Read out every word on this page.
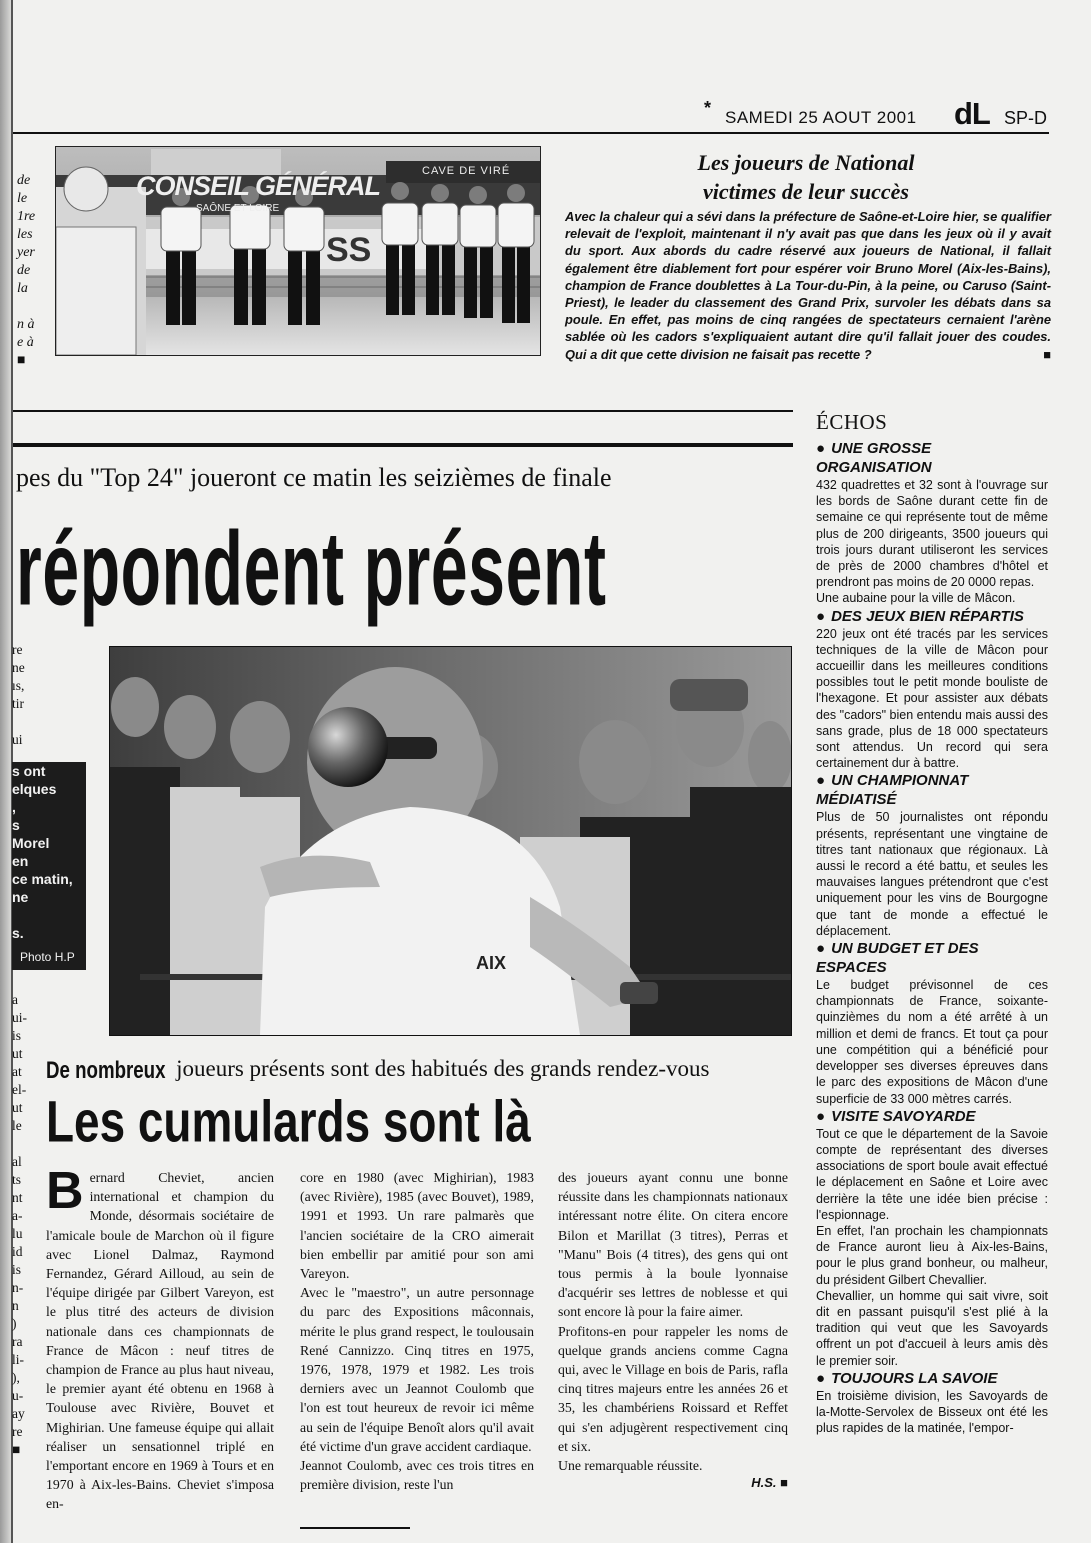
* SAMEDI 25 AOUT 2001 dL SP-D
de
le
1re
les
yer
de
la
n à
e à
■
CONSEIL GÉNÉRAL
SAÔNE ET LOIRE
CAVE DE VIRÉ
SS
Les joueurs de National
victimes de leur succès
Avec la chaleur qui a sévi dans la préfecture de Saône-et-Loire hier, se qualifier relevait de l'exploit, maintenant il n'y avait pas que dans les jeux où il y avait du sport. Aux abords du cadre réservé aux joueurs de National, il fallait également être diablement fort pour espérer voir Bruno Morel (Aix-les-Bains), champion de France doublettes à La Tour-du-Pin, à la peine, ou Caruso (Saint-Priest), le leader du classement des Grand Prix, survoler les débats dans sa poule. En effet, pas moins de cinq rangées de spectateurs cernaient l'arène sablée où les cadors s'expliquaient autant dire qu'il fallait jouer des coudes. Qui a dit que cette division ne faisait pas recette ?	■
pes du "Top 24" joueront ce matin les seizièmes de finale
répondent présent
re
ne
ıs,
tir
ui
s ont
elques
,
s
Morel
en
ce matin,
ne
s.
Photo H.P	AIX
a
ui-
is
ut
at
el-
ut
le
al
ts
nt
a-
lu
id
is
n-
n
)
ra
li-
),
u-
ay
re
■
De nombreux joueurs présents sont des habitués des grands rendez-vous
Les cumulards sont là
B ernard Cheviet, ancien international et champion du Monde, désormais sociétaire de l'amicale boule de Marchon où il figure avec Lionel Dalmaz, Raymond Fernandez, Gérard Ailloud, au sein de l'équipe dirigée par Gilbert Vareyon, est le plus titré des acteurs de division nationale dans ces championnats de France de Mâcon : neuf titres de champion de France au plus haut niveau, le premier ayant été obtenu en 1968 à Toulouse avec Rivière, Bouvet et Mighirian. Une fameuse équipe qui allait réaliser un sensationnel triplé en l'emportant encore en 1969 à Tours et en 1970 à Aix-les-Bains. Cheviet s'imposa en-
core en 1980 (avec Mighirian), 1983 (avec Rivière), 1985 (avec Bouvet), 1989, 1991 et 1993. Un rare palmarès que l'ancien sociétaire de la CRO aimerait bien embellir par amitié pour son ami Vareyon.
Avec le "maestro", un autre personnage du parc des Expositions mâconnais, mérite le plus grand respect, le toulousain René Cannizzo. Cinq titres en 1975, 1976, 1978, 1979 et 1982. Les trois derniers avec un Jeannot Coulomb que l'on est tout heureux de revoir ici même au sein de l'équipe Benoît alors qu'il avait été victime d'un grave accident cardiaque.
Jeannot Coulomb, avec ces trois titres en première division, reste l'un
des joueurs ayant connu une bonne réussite dans les championnats nationaux intéressant notre élite. On citera encore Bilon et Marillat (3 titres), Perras et "Manu" Bois (4 titres), des gens qui ont tous permis à la boule lyonnaise d'acquérir ses lettres de noblesse et qui sont encore là pour la faire aimer.
Profitons-en pour rappeler les noms de quelque grands anciens comme Cagna qui, avec le Village en bois de Paris, rafla cinq titres majeurs entre les années 26 et 35, les chambériens Roissard et Reffet qui s'en adjugèrent respectivement cinq et six.
Une remarquable réussite.
H.S. ■
ÉCHOS
● UNE GROSSE ORGANISATION

432 quadrettes et 32 sont à l'ouvrage sur les bords de Saône durant cette fin de semaine ce qui représente tout de même plus de 200 dirigeants, 3500 joueurs qui trois jours durant utiliseront les services de près de 2000 chambres d'hôtel et prendront pas moins de 20 0000 repas.

Une aubaine pour la ville de Mâcon.

● DES JEUX BIEN RÉPARTIS

220 jeux ont été tracés par les services techniques de la ville de Mâcon pour accueillir dans les meilleures conditions possibles tout le petit monde bouliste de l'hexagone. Et pour assister aux débats des "cadors" bien entendu mais aussi des sans grade, plus de 18 000 spectateurs sont attendus. Un record qui sera certainement dur à battre.

● UN CHAMPIONNAT MÉDIATISÉ

Plus de 50 journalistes ont répondu présents, représentant une vingtaine de titres tant nationaux que régionaux. Là aussi le record a été battu, et seules les mauvaises langues prétendront que c'est uniquement pour les vins de Bourgogne que tant de monde a effectué le déplacement.

● UN BUDGET ET DES ESPACES

Le budget prévisonnel de ces championnats de France, soixante-quinzièmes du nom a été arrêté à un million et demi de francs. Et tout ça pour une compétition qui a bénéficié pour developper ses diverses épreuves dans le parc des expositions de Mâcon d'une superficie de 33 000 mètres carrés.

● VISITE SAVOYARDE

Tout ce que le département de la Savoie compte de représentant des diverses associations de sport boule avait effectué le déplacement en Saône et Loire avec derrière la tête une idée bien précise : l'espionnage.

En effet, l'an prochain les championnats de France auront lieu à Aix-les-Bains, pour le plus grand bonheur, ou malheur, du président Gilbert Chevallier.

Chevallier, un homme qui sait vivre, soit dit en passant puisqu'il s'est plié à la tradition qui veut que les Savoyards offrent un pot d'accueil à leurs amis dès le premier soir.

● TOUJOURS LA SAVOIE

En troisième division, les Savoyards de la-Motte-Servolex de Bisseux ont été les plus rapides de la matinée, l'empor-
